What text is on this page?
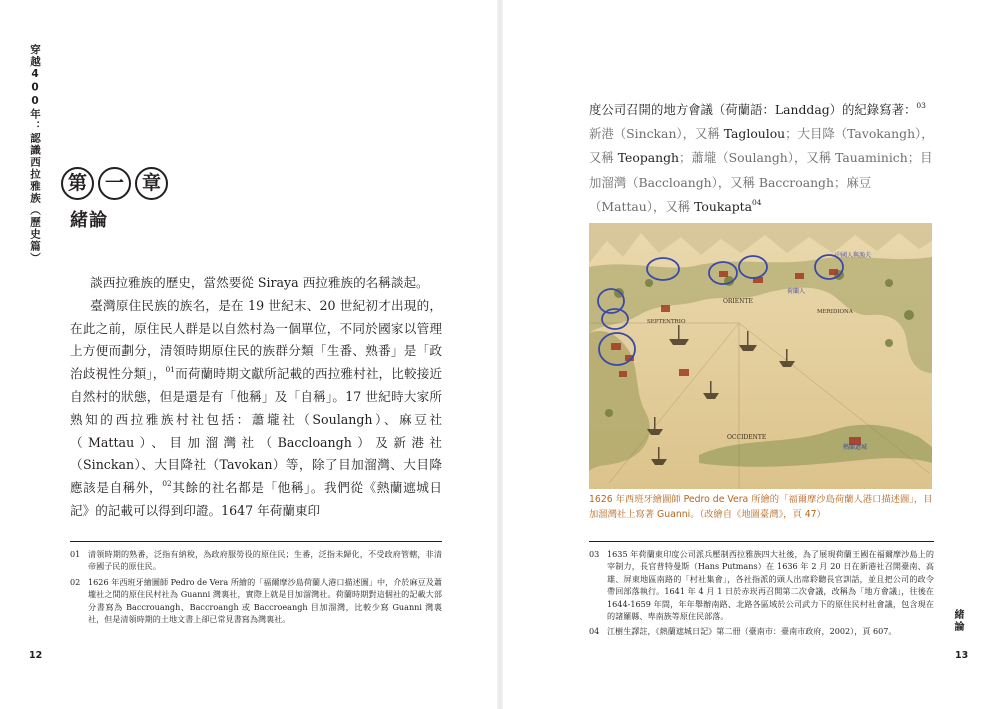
穿越400年：認識西拉雅族（歷史篇）	第 一 章
緒論

談西拉雅族的歷史，當然要從 Siraya 西拉雅族的名稱談起。

臺灣原住民族的族名，是在 19 世紀末、20 世紀初才出現的，在此之前，原住民人群是以自然村為一個單位，不同於國家以管理上方便而劃分，清領時期原住民的族群分類「生番、熟番」是「政治歧視性分類」，$^{01}$而荷蘭時期文獻所記載的西拉雅村社，比較接近自然村的狀態，但是還是有「他稱」及「自稱」。17 世紀時大家所熟知的西拉雅族村社包括：蕭壠社（Soulangh）、麻豆社（Mattau）、目加溜灣社（Baccloangh）及新港社（Sinckan）、大目降社（Tavokan）等，除了目加溜灣、大目降應該是自稱外，$^{02}$其餘的社名都是「他稱」。我們從《熱蘭遮城日記》的記載可以得到印證。1647 年荷蘭東印

01 清領時期的熟番，泛指有納稅，為政府服勞役的原住民；生番，泛指未歸化，不受政府管轄，非清帝國子民的原住民。
02 1626 年西班牙繪圖師 Pedro de Vera 所繪的「福爾摩沙島荷蘭人港口描述圖」中，介於麻豆及蕭壠社之間的原住民村社為 Guanni 灣裏社，實際上就是目加溜灣社。荷蘭時期對這個社的記載大部分書寫為 Baccrouangh、Baccroangh 或 Baccroeangh 目加溜灣，比較少寫 Guanni 灣裏社，但是清領時期的土地文書上卻已常見書寫為灣裏社。
12
度公司召開的地方會議（荷蘭語：Landdag）的紀錄寫著：$^{03}$
新港（Sinckan），又稱 Tagloulou；大目降（Tavokangh），又稱 Teopangh；蕭壠（Soulangh），又稱 Tauaminich；目加溜灣（Baccloangh），又稱 Baccroangh；麻豆（Mattau），又稱 Toukapta$^{04}$
ORIENTE
OCCIDENTE
SEPTENTRIO
MERIDIONA
中國人與漁夫
荷蘭人
熱蘭遮城
1626 年西班牙繪圖師 Pedro de Vera 所繪的「福爾摩沙島荷蘭人港口描述圖」，目加溜灣社上寫著 Guanni。（改繪自《地圖臺灣》，頁 47）
03 1635 年荷蘭東印度公司派兵壓制西拉雅族四大社後，為了展現荷蘭王國在福爾摩沙島上的宰制力，長官普特曼斯（Hans Putmans）在 1636 年 2 月 20 日在新港社召開臺南、高雄、屏東地區南路的「村社集會」，各社指派的頭人出席聆聽長官訓話，並且把公司的政令帶回部落執行。1641 年 4 月 1 日於赤崁再召開第二次會議，改稱為「地方會議」，往後在 1644-1659 年間，年年舉辦南路、北路各區域於公司武力下的原住民村社會議，包含現在的諸羅縣、卑南族等原住民部落。
04 江樹生譯註，《熱蘭遮城日記》第二冊（臺南市：臺南市政府，2002），頁 607。	緒論
13
